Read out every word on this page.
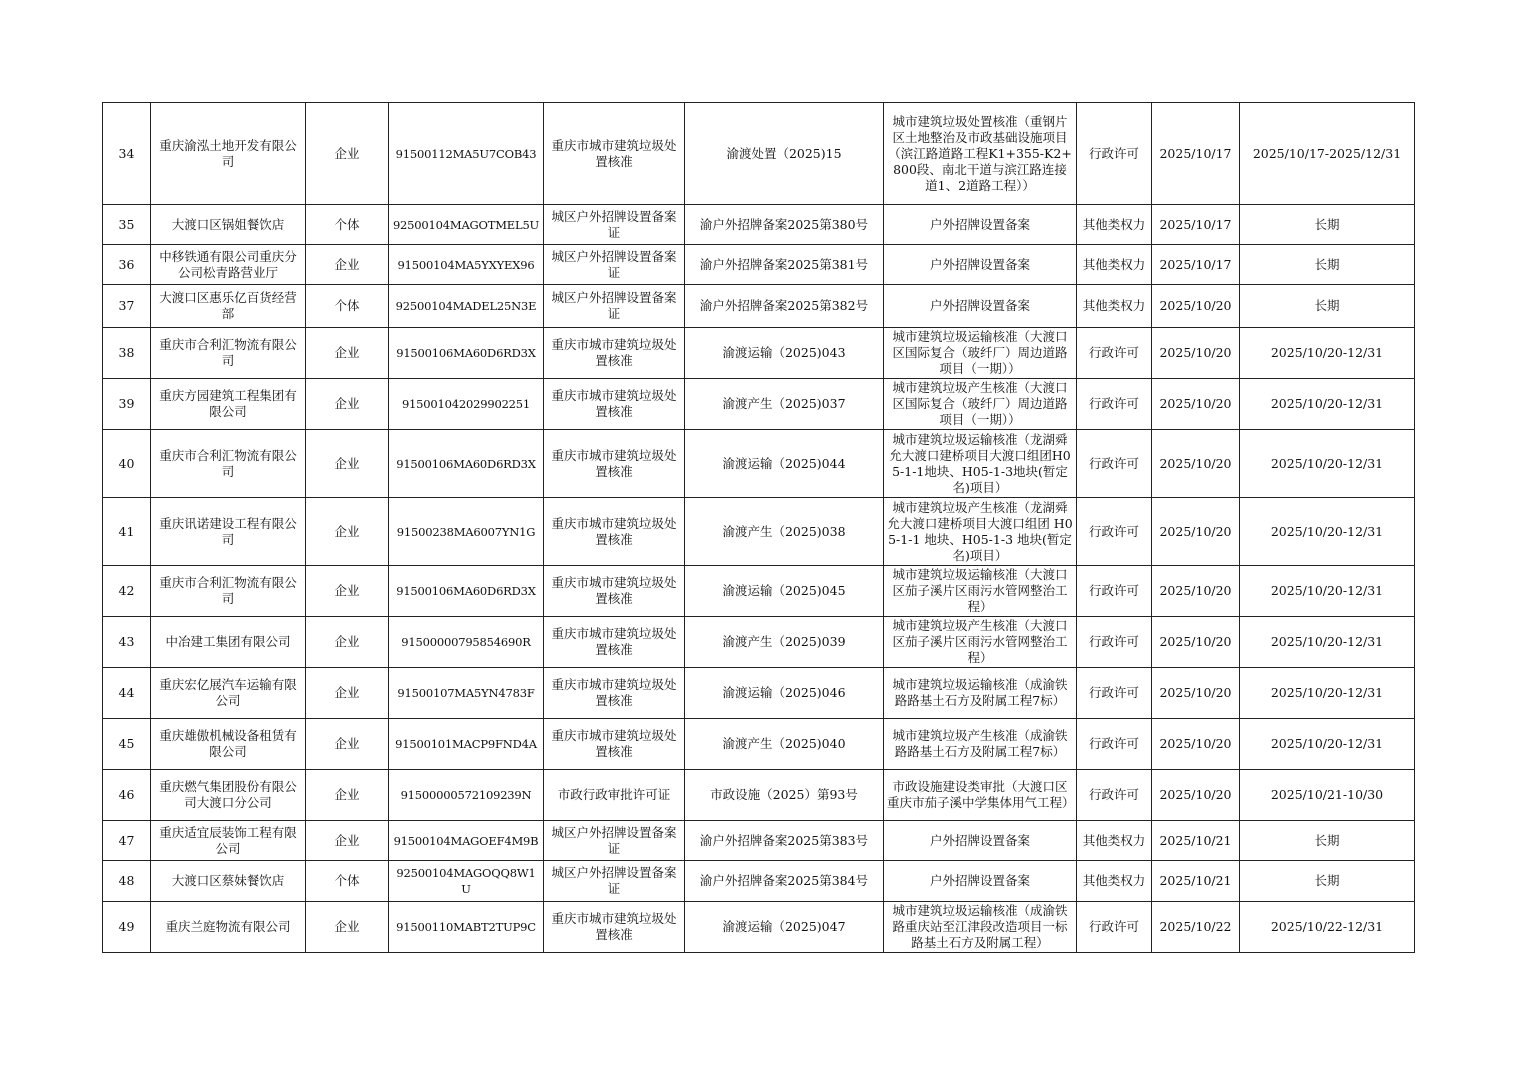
34	重庆渝泓土地开发有限公司	企业	91500112MA5U7COB43	重庆市城市建筑垃圾处置核准	渝渡处置（2025)15	城市建筑垃圾处置核准（重钢片区土地整治及市政基础设施项目（滨江路道路工程K1+355-K2+800段、南北干道与滨江路连接道1、2道路工程））	行政许可	2025/10/17	2025/10/17-2025/12/31
35	大渡口区锅姐餐饮店	个体	92500104MAGOTMEL5U	城区户外招牌设置备案证	渝户外招牌备案2025第380号	户外招牌设置备案	其他类权力	2025/10/17	长期
36	中移铁通有限公司重庆分公司松青路营业厅	企业	91500104MA5YXYEX96	城区户外招牌设置备案证	渝户外招牌备案2025第381号	户外招牌设置备案	其他类权力	2025/10/17	长期
37	大渡口区惠乐亿百货经营部	个体	92500104MADEL25N3E	城区户外招牌设置备案证	渝户外招牌备案2025第382号	户外招牌设置备案	其他类权力	2025/10/20	长期
38	重庆市合利汇物流有限公司	企业	91500106MA60D6RD3X	重庆市城市建筑垃圾处置核准	渝渡运输（2025)043	城市建筑垃圾运输核准（大渡口区国际复合（玻纤厂）周边道路项目（一期））	行政许可	2025/10/20	2025/10/20-12/31
39	重庆方园建筑工程集团有限公司	企业	915001042029902251	重庆市城市建筑垃圾处置核准	渝渡产生（2025)037	城市建筑垃圾产生核准（大渡口区国际复合（玻纤厂）周边道路项目（一期））	行政许可	2025/10/20	2025/10/20-12/31
40	重庆市合利汇物流有限公司	企业	91500106MA60D6RD3X	重庆市城市建筑垃圾处置核准	渝渡运输（2025)044	城市建筑垃圾运输核准（龙湖舜允大渡口建桥项目大渡口组团H05-1-1地块、H05-1-3地块(暂定名)项目）	行政许可	2025/10/20	2025/10/20-12/31
41	重庆讯诺建设工程有限公司	企业	91500238MA6007YN1G	重庆市城市建筑垃圾处置核准	渝渡产生（2025)038	城市建筑垃圾产生核准（龙湖舜允大渡口建桥项目大渡口组团 H05-1-1 地块、H05-1-3 地块(暂定名)项目）	行政许可	2025/10/20	2025/10/20-12/31
42	重庆市合利汇物流有限公司	企业	91500106MA60D6RD3X	重庆市城市建筑垃圾处置核准	渝渡运输（2025)045	城市建筑垃圾运输核准（大渡口区茄子溪片区雨污水管网整治工程）	行政许可	2025/10/20	2025/10/20-12/31
43	中冶建工集团有限公司	企业	91500000795854690R	重庆市城市建筑垃圾处置核准	渝渡产生（2025)039	城市建筑垃圾产生核准（大渡口区茄子溪片区雨污水管网整治工程）	行政许可	2025/10/20	2025/10/20-12/31
44	重庆宏亿展汽车运输有限公司	企业	91500107MA5YN4783F	重庆市城市建筑垃圾处置核准	渝渡运输（2025)046	城市建筑垃圾运输核准（成渝铁路路基土石方及附属工程7标）	行政许可	2025/10/20	2025/10/20-12/31
45	重庆雄傲机械设备租赁有限公司	企业	91500101MACP9FND4A	重庆市城市建筑垃圾处置核准	渝渡产生（2025)040	城市建筑垃圾产生核准（成渝铁路路基土石方及附属工程7标）	行政许可	2025/10/20	2025/10/20-12/31
46	重庆燃气集团股份有限公司大渡口分公司	企业	91500000572109239N	市政行政审批许可证	市政设施（2025）第93号	市政设施建设类审批（大渡口区重庆市茄子溪中学集体用气工程）	行政许可	2025/10/20	2025/10/21-10/30
47	重庆适宜辰装饰工程有限公司	企业	91500104MAGOEF4M9B	城区户外招牌设置备案证	渝户外招牌备案2025第383号	户外招牌设置备案	其他类权力	2025/10/21	长期
48	大渡口区蔡妹餐饮店	个体	92500104MAGOQQ8W1U	城区户外招牌设置备案证	渝户外招牌备案2025第384号	户外招牌设置备案	其他类权力	2025/10/21	长期
49	重庆兰庭物流有限公司	企业	91500110MABT2TUP9C	重庆市城市建筑垃圾处置核准	渝渡运输（2025)047	城市建筑垃圾运输核准（成渝铁路重庆站至江津段改造项目一标路基土石方及附属工程）	行政许可	2025/10/22	2025/10/22-12/31
